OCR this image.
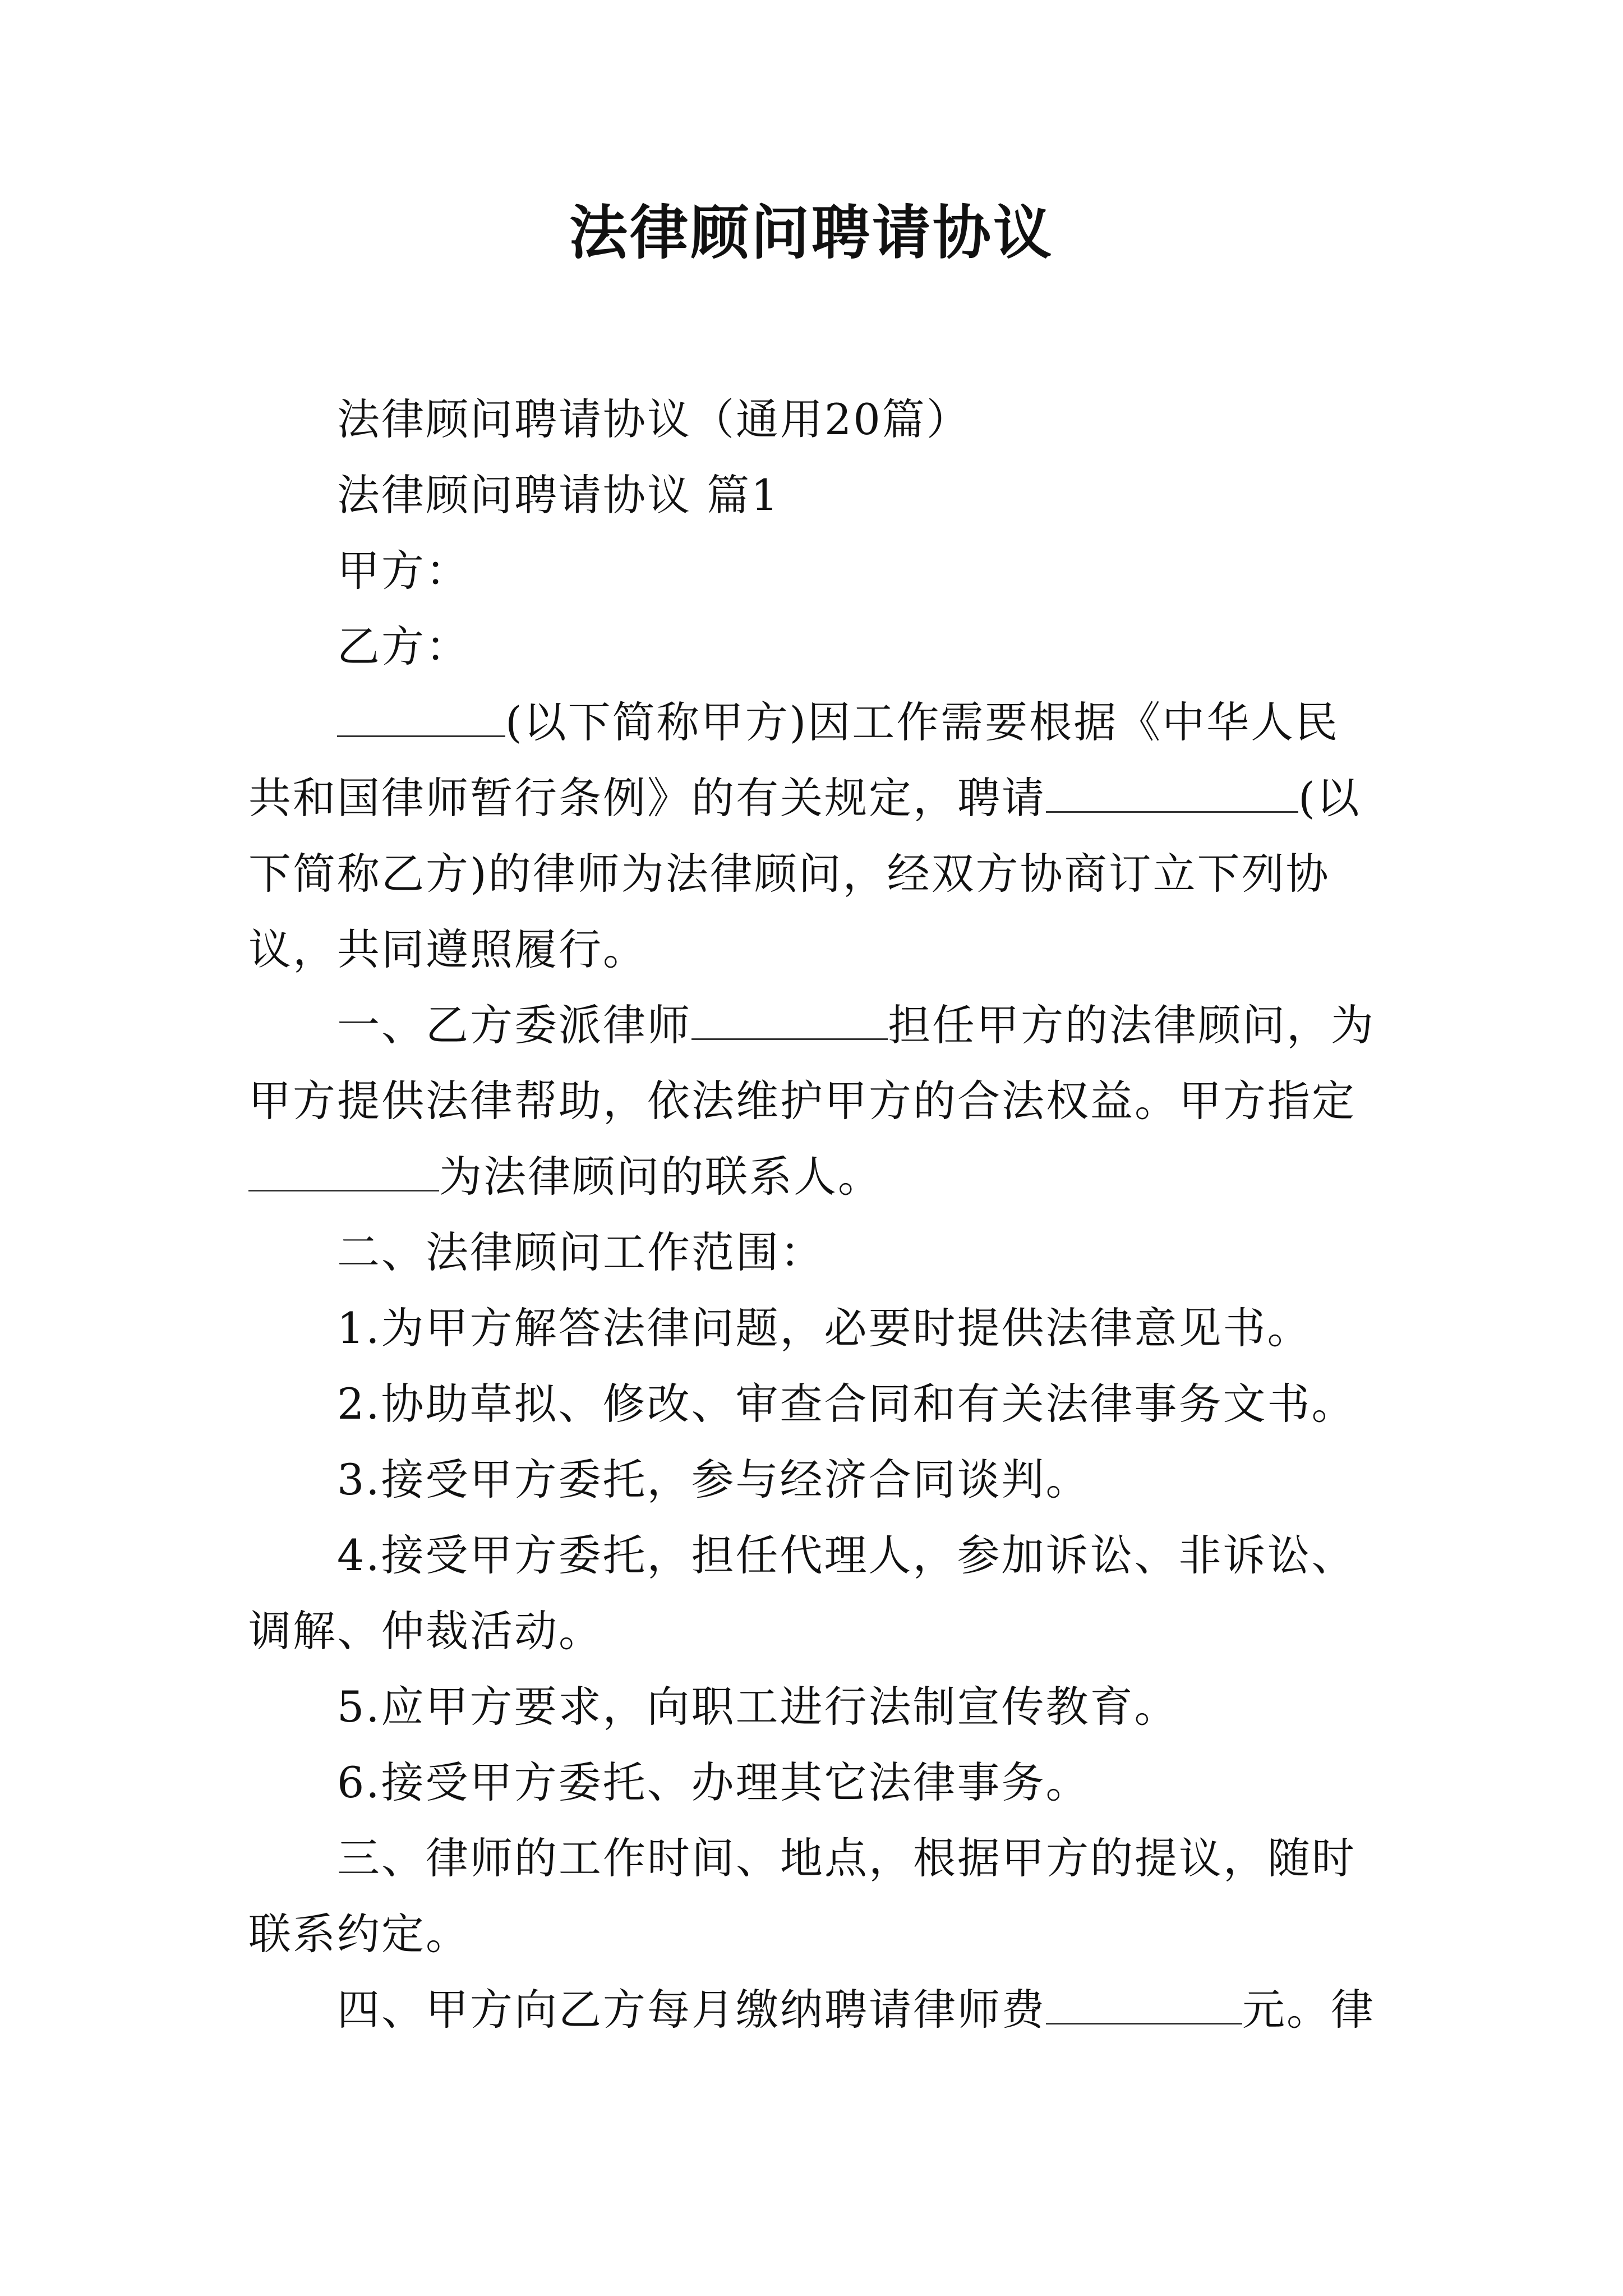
法律顾问聘请协议

法律顾问聘请协议（通用20篇）

法律顾问聘请协议 篇1

甲方：

乙方：

(以下简称甲方)因工作需要根据《中华人民共和国律师暂行条例》的有关规定，聘请	(以下简称乙方)的律师为法律顾问，经双方协商订立下列协议，共同遵照履行。

一、乙方委派律师	担任甲方的法律顾问，为甲方提供法律帮助，依法维护甲方的合法权益。甲方指定为法律顾问的联系人。

二、法律顾问工作范围：

1.为甲方解答法律问题，必要时提供法律意见书。

2.协助草拟、修改、审查合同和有关法律事务文书。

3.接受甲方委托，参与经济合同谈判。

4.接受甲方委托，担任代理人，参加诉讼、非诉讼、调解、仲裁活动。

5.应甲方要求，向职工进行法制宣传教育。

6.接受甲方委托、办理其它法律事务。

三、律师的工作时间、地点，根据甲方的提议，随时联系约定。

四、甲方向乙方每月缴纳聘请律师费	元。律
